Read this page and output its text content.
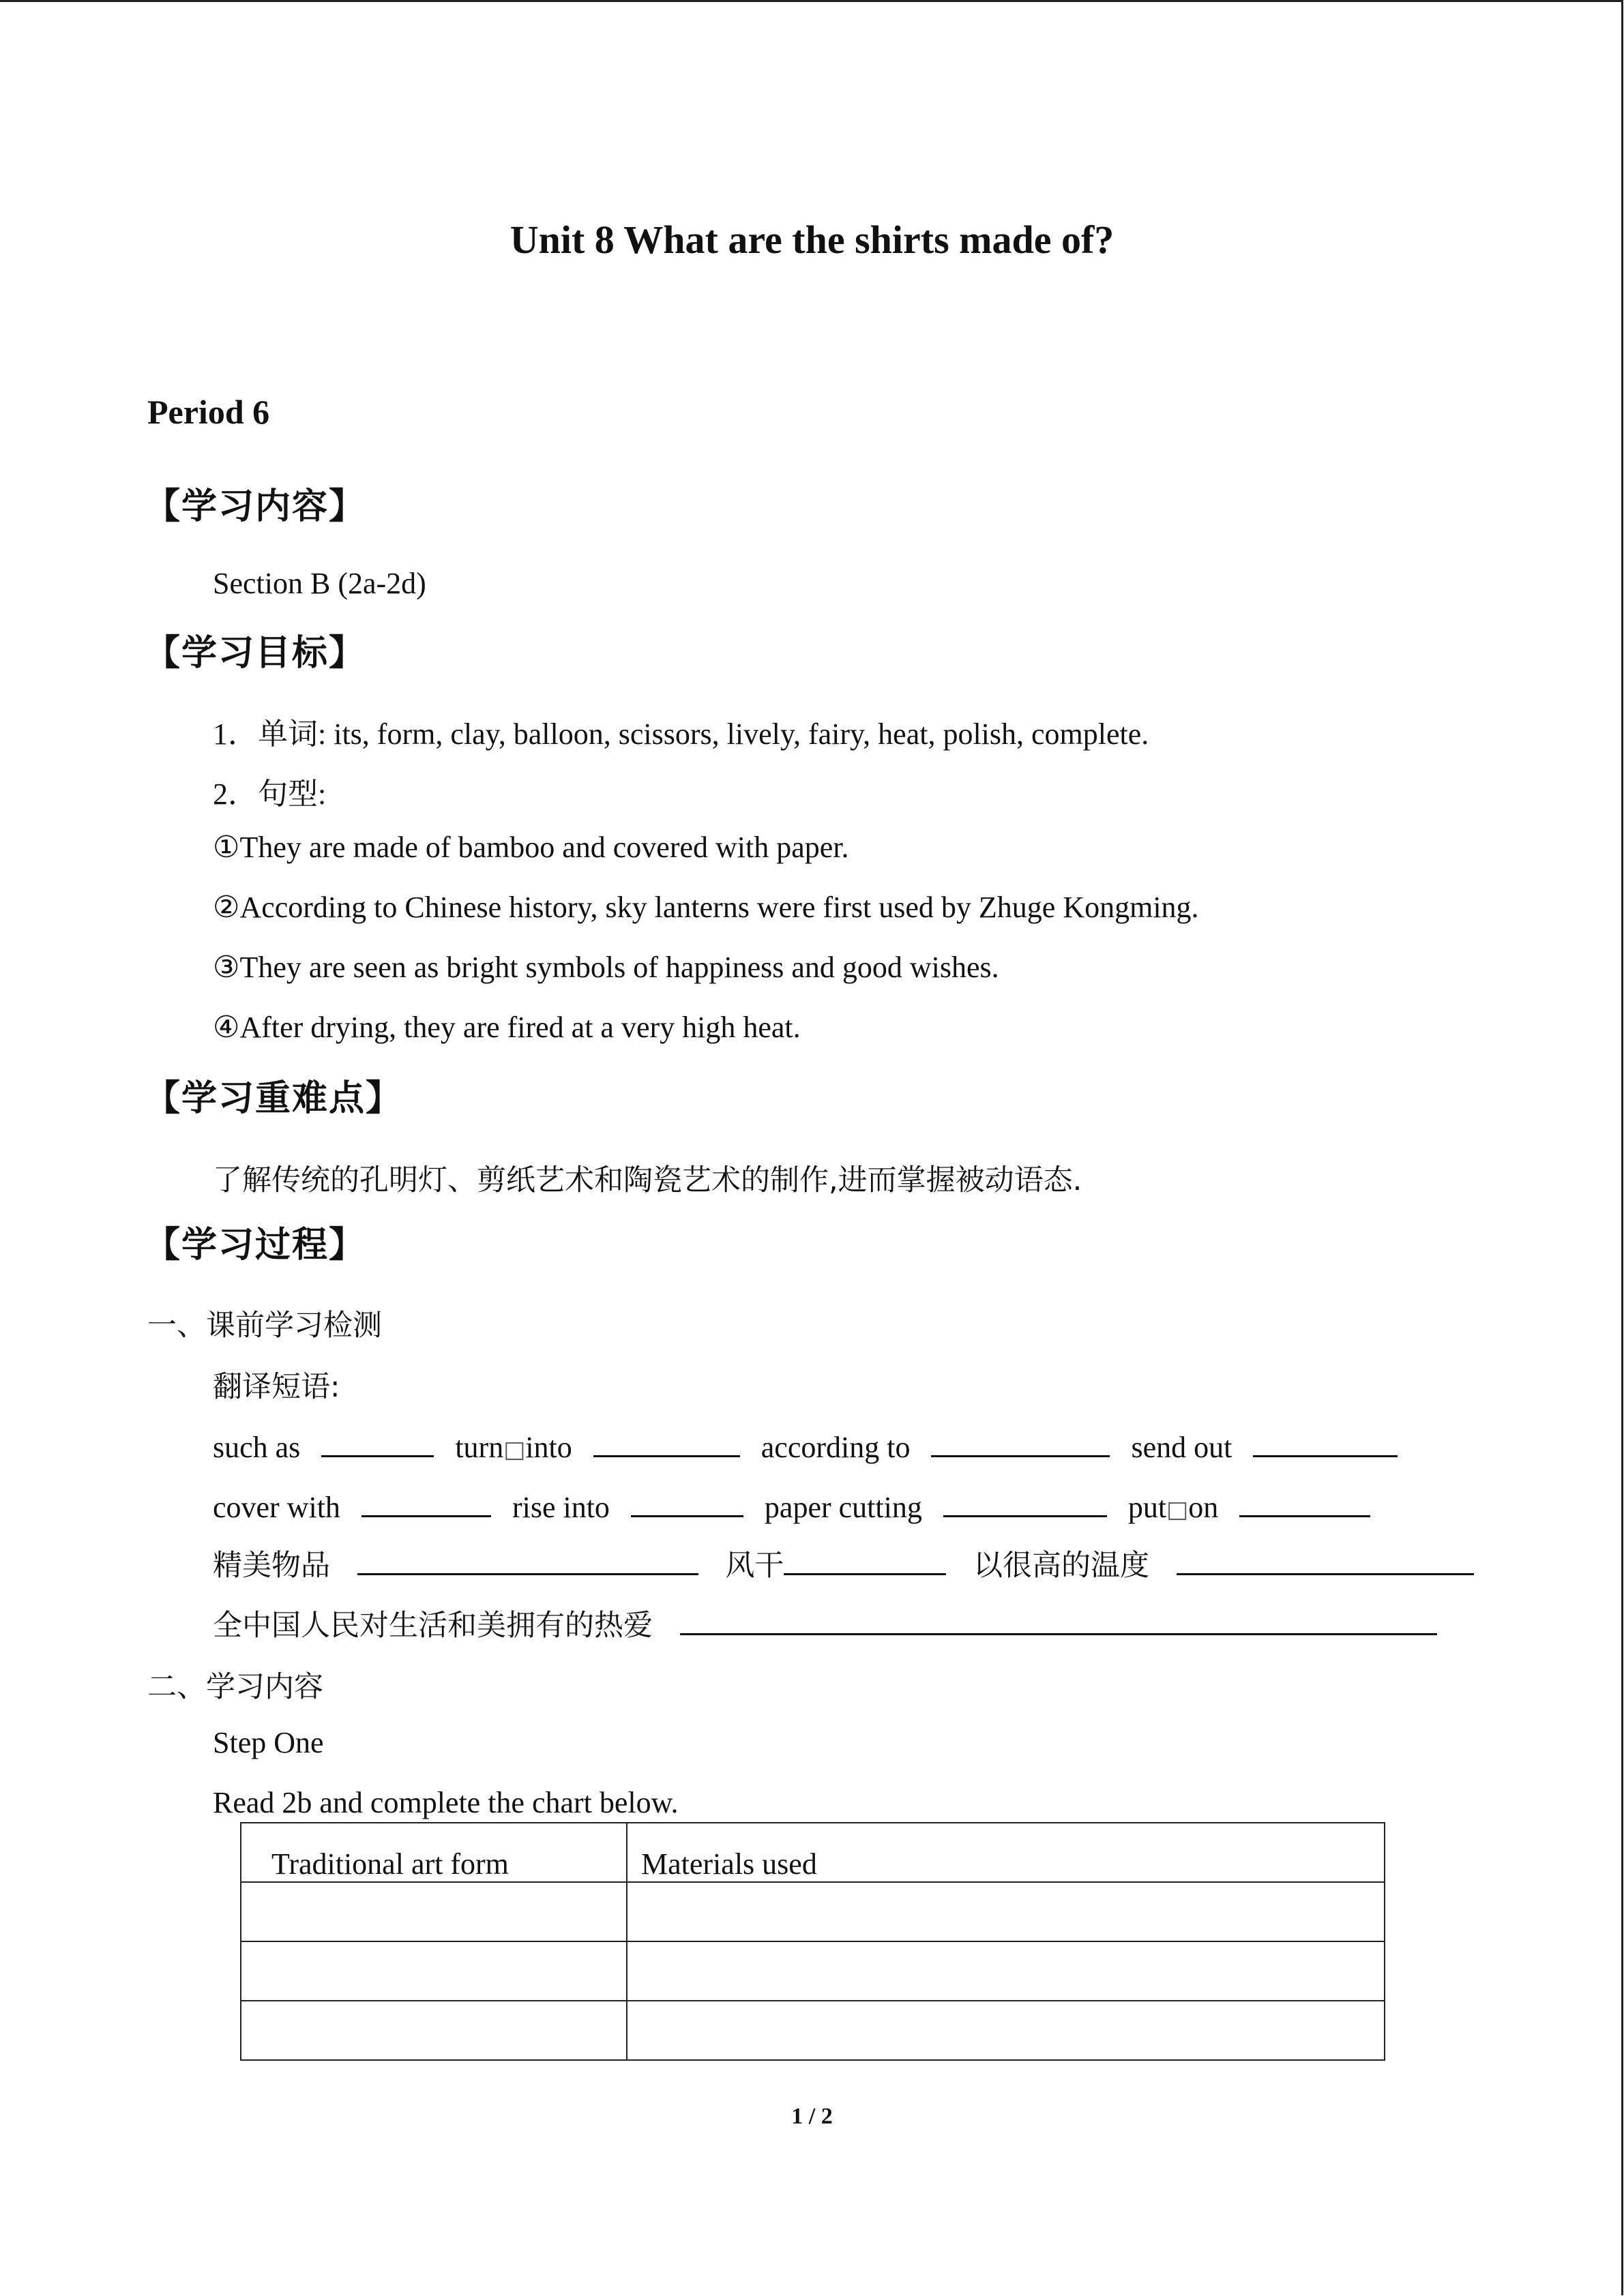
Unit 8 What are the shirts made of?
Period 6
【学习内容】
Section B (2a-2d)
【学习目标】
1．单词: its, form, clay, balloon, scissors, lively, fairy, heat, polish, complete.
2．句型:
①They are made of bamboo and covered with paper.
②According to Chinese history, sky lanterns were first used by Zhuge Kongming.
③They are seen as bright symbols of happiness and good wishes.
④After drying, they are fired at a very high heat.
【学习重难点】
了解传统的孔明灯、剪纸艺术和陶瓷艺术的制作,进而掌握被动语态.
【学习过程】
一、课前学习检测
翻译短语:
such as	turn□into	according to	send out
cover with	rise into	paper cutting	put□on
精美物品	风干	以很高的温度
全中国人民对生活和美拥有的热爱
二、学习内容
Step One
Read 2b and complete the chart below.
Traditional art form	Materials used

1 / 2
